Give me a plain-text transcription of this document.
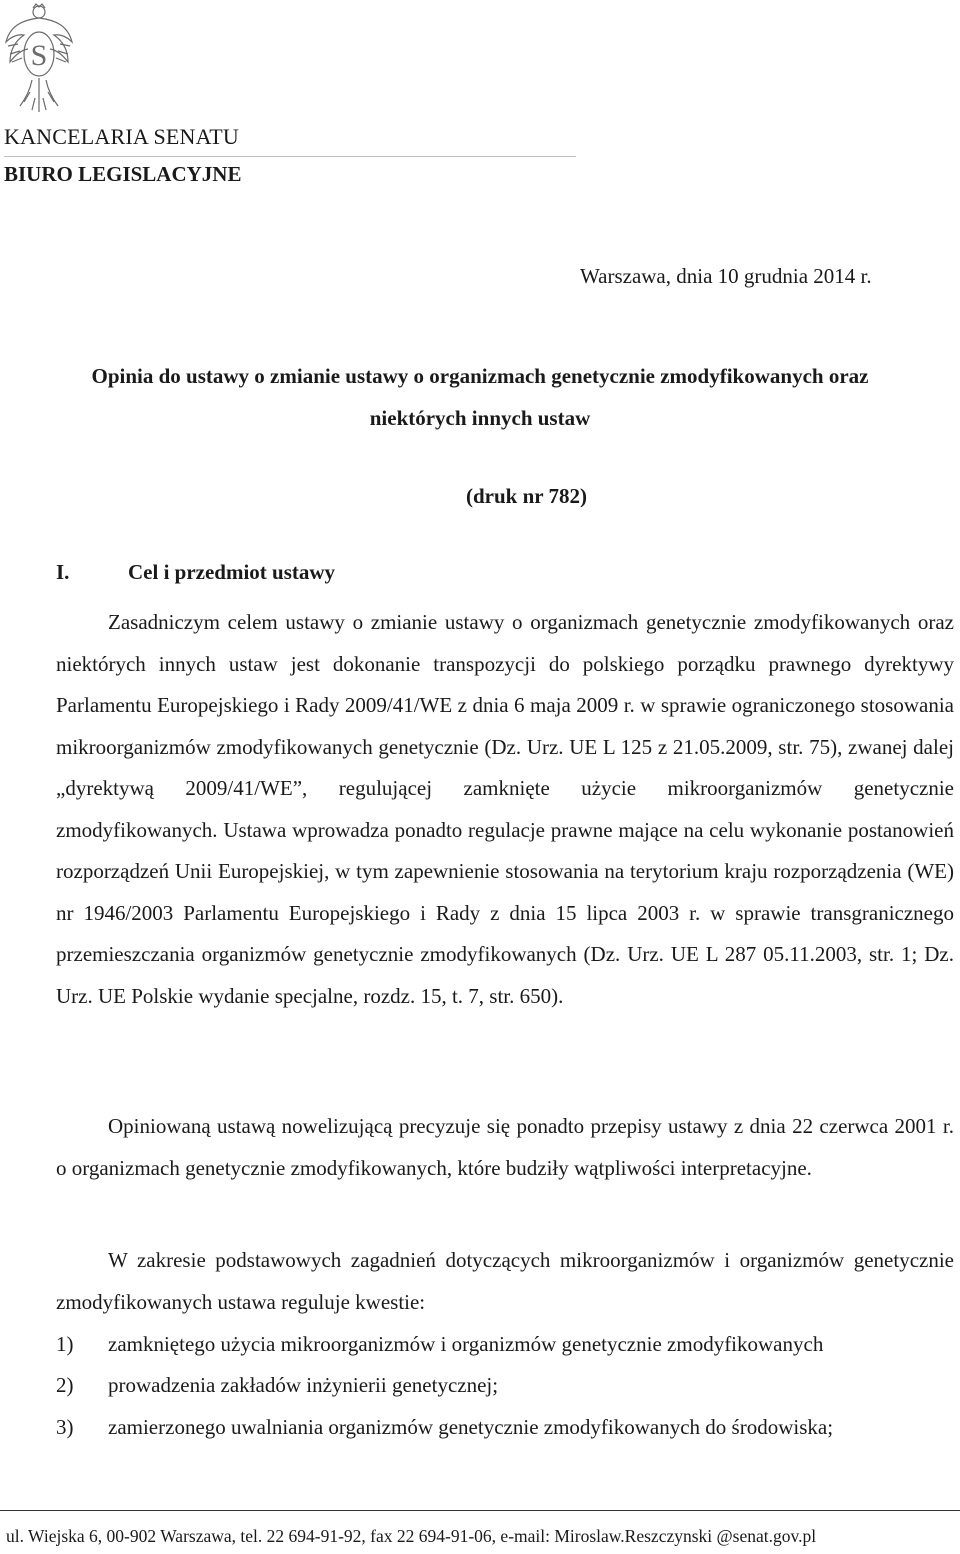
S
KANCELARIA SENATU
BIURO LEGISLACYJNE
Warszawa, dnia 10 grudnia 2014 r.
Opinia do ustawy o zmianie ustawy o organizmach genetycznie zmodyfikowanych oraz
niektórych innych ustaw
(druk nr 782)
I.	Cel i przedmiot ustawy

Zasadniczym celem ustawy o zmianie ustawy o organizmach genetycznie zmodyfikowanych oraz niektórych innych ustaw jest dokonanie transpozycji do polskiego porządku prawnego dyrektywy Parlamentu Europejskiego i Rady 2009/41/WE z dnia 6 maja 2009 r. w sprawie ograniczonego stosowania mikroorganizmów zmodyfikowanych genetycznie (Dz. Urz. UE L 125 z 21.05.2009, str. 75), zwanej dalej „dyrektywą 2009/41/WE”, regulującej zamknięte użycie mikroorganizmów genetycznie zmodyfikowanych. Ustawa wprowadza ponadto regulacje prawne mające na celu wykonanie postanowień rozporządzeń Unii Europejskiej, w tym zapewnienie stosowania na terytorium kraju rozporządzenia (WE) nr 1946/2003 Parlamentu Europejskiego i Rady z dnia 15 lipca 2003 r. w sprawie transgranicznego przemieszczania organizmów genetycznie zmodyfikowanych (Dz. Urz. UE L 287 05.11.2003, str. 1; Dz. Urz. UE Polskie wydanie specjalne, rozdz. 15, t. 7, str. 650).

Opiniowaną ustawą nowelizującą precyzuje się ponadto przepisy ustawy z dnia 22 czerwca 2001 r. o organizmach genetycznie zmodyfikowanych, które budziły wątpliwości interpretacyjne.

W zakresie podstawowych zagadnień dotyczących mikroorganizmów i organizmów genetycznie zmodyfikowanych ustawa reguluje kwestie:

1)	zamkniętego użycia mikroorganizmów i organizmów genetycznie zmodyfikowanych
2)	prowadzenia zakładów inżynierii genetycznej;
3)	zamierzonego uwalniania organizmów genetycznie zmodyfikowanych do środowiska;
ul. Wiejska 6, 00-902 Warszawa, tel. 22 694-91-92, fax 22 694-91-06, e-mail: Miroslaw.Reszczynski @senat.gov.pl
